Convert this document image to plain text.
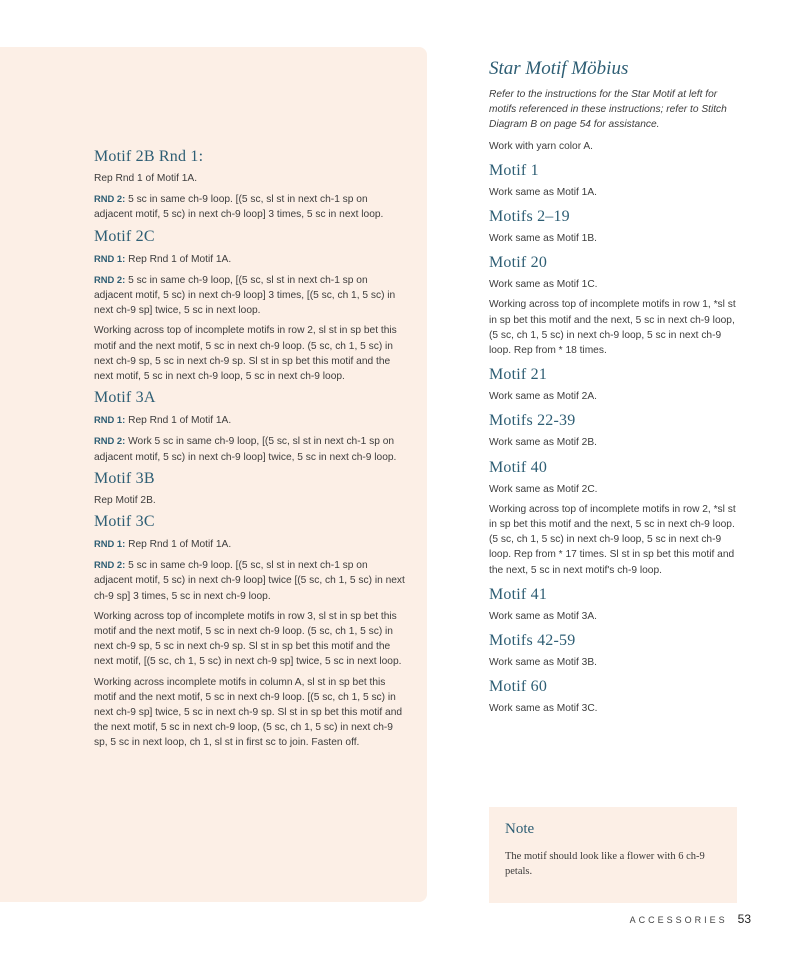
Motif 2B Rnd 1:

Rep Rnd 1 of Motif 1A.

RND 2: 5 sc in same ch-9 loop. [(5 sc, sl st in next ch-1 sp on adjacent motif, 5 sc) in next ch-9 loop] 3 times, 5 sc in next loop.

Motif 2C

RND 1: Rep Rnd 1 of Motif 1A.

RND 2: 5 sc in same ch-9 loop, [(5 sc, sl st in next ch-1 sp on adjacent motif, 5 sc) in next ch-9 loop] 3 times, [(5 sc, ch 1, 5 sc) in next ch-9 sp] twice, 5 sc in next loop.

Working across top of incomplete motifs in row 2, sl st in sp bet this motif and the next motif, 5 sc in next ch-9 loop. (5 sc, ch 1, 5 sc) in next ch-9 sp, 5 sc in next ch-9 sp. Sl st in sp bet this motif and the next motif, 5 sc in next ch-9 loop, 5 sc in next ch-9 loop.

Motif 3A

RND 1: Rep Rnd 1 of Motif 1A.

RND 2: Work 5 sc in same ch-9 loop, [(5 sc, sl st in next ch-1 sp on adjacent motif, 5 sc) in next ch-9 loop] twice, 5 sc in next ch-9 loop.

Motif 3B

Rep Motif 2B.

Motif 3C

RND 1: Rep Rnd 1 of Motif 1A.

RND 2: 5 sc in same ch-9 loop. [(5 sc, sl st in next ch-1 sp on adjacent motif, 5 sc) in next ch-9 loop] twice [(5 sc, ch 1, 5 sc) in next ch-9 sp] 3 times, 5 sc in next ch-9 loop.

Working across top of incomplete motifs in row 3, sl st in sp bet this motif and the next motif, 5 sc in next ch-9 loop. (5 sc, ch 1, 5 sc) in next ch-9 sp, 5 sc in next ch-9 sp. Sl st in sp bet this motif and the next motif, [(5 sc, ch 1, 5 sc) in next ch-9 sp] twice, 5 sc in next loop.

Working across incomplete motifs in column A, sl st in sp bet this motif and the next motif, 5 sc in next ch-9 loop. [(5 sc, ch 1, 5 sc) in next ch-9 sp] twice, 5 sc in next ch-9 sp. Sl st in sp bet this motif and the next motif, 5 sc in next ch-9 loop, (5 sc, ch 1, 5 sc) in next ch-9 sp, 5 sc in next loop, ch 1, sl st in first sc to join. Fasten off.

Star Motif Möbius

Refer to the instructions for the Star Motif at left for motifs referenced in these instructions; refer to Stitch Diagram B on page 54 for assistance.

Work with yarn color A.

Motif 1

Work same as Motif 1A.

Motifs 2–19

Work same as Motif 1B.

Motif 20

Work same as Motif 1C.

Working across top of incomplete motifs in row 1, *sl st in sp bet this motif and the next, 5 sc in next ch-9 loop, (5 sc, ch 1, 5 sc) in next ch-9 loop, 5 sc in next ch-9 loop. Rep from * 18 times.

Motif 21

Work same as Motif 2A.

Motifs 22-39

Work same as Motif 2B.

Motif 40

Work same as Motif 2C.

Working across top of incomplete motifs in row 2, *sl st in sp bet this motif and the next, 5 sc in next ch-9 loop. (5 sc, ch 1, 5 sc) in next ch-9 loop, 5 sc in next ch-9 loop. Rep from * 17 times. Sl st in sp bet this motif and the next, 5 sc in next motif's ch-9 loop.

Motif 41

Work same as Motif 3A.

Motifs 42-59

Work same as Motif 3B.

Motif 60

Work same as Motif 3C.

Note
The motif should look like a flower with 6 ch-9 petals.
ACCESSORIES 53
